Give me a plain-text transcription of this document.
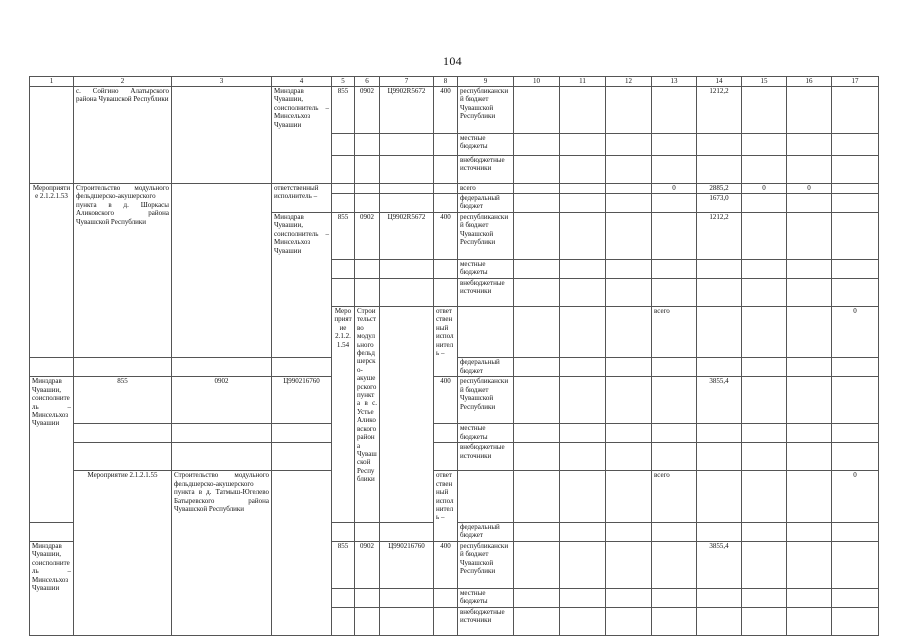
104
1	2	3	4	5	6	7	8	9	10	11	12	13	14	15	16	17	
	с. Сойгино Алатырского района Чувашской Республики		Минздрав Чувашии, соисполнитель – Минсельхоз Чувашии	855	0902	Ц9902R5672	400	республиканский бюджет Чувашской Республики					1212,2				
								местные бюджеты									
								внебюджетные источники									
Мероприятие 2.1.2.1.53	Строительство модульного фельдшерско-акушерского пункта в д. Шоркасы Аликовского района Чувашской Республики		ответственный исполнитель –					всего				0	2885,2	0	0		
								федеральный бюджет					1673,0				
			Минздрав Чувашии, соисполнитель – Минсельхоз Чувашии	855	0902	Ц9902R5672	400	республиканский бюджет Чувашской Республики					1212,2				
								местные бюджеты									
								внебюджетные источники									
				Мероприятие 2.1.2.1.54	Строительство модульного фельдшерско-акушерского пункта в с. Устье Аликовского района Чувашской Республики		ответственный исполнитель –					всего				0				
								федеральный бюджет									
Минздрав Чувашии, соисполнитель – Минсельхоз Чувашии	855	0902	Ц990216760				400	республиканский бюджет Чувашской Республики					3855,4				
								местные бюджеты									
								внебюджетные источники									
	Мероприятие 2.1.2.1.55	Строительство модульного фельдшерско-акушерского пункта в д. Татмыш-Югелево Батыревского района Чувашской Республики					ответственный исполнитель –					всего				0				
								федеральный бюджет									
Минздрав Чувашии, соисполнитель – Минсельхоз Чувашии				855	0902	Ц990216760	400	республиканский бюджет Чувашской Республики					3855,4				
								местные бюджеты									
								внебюджетные источники									
